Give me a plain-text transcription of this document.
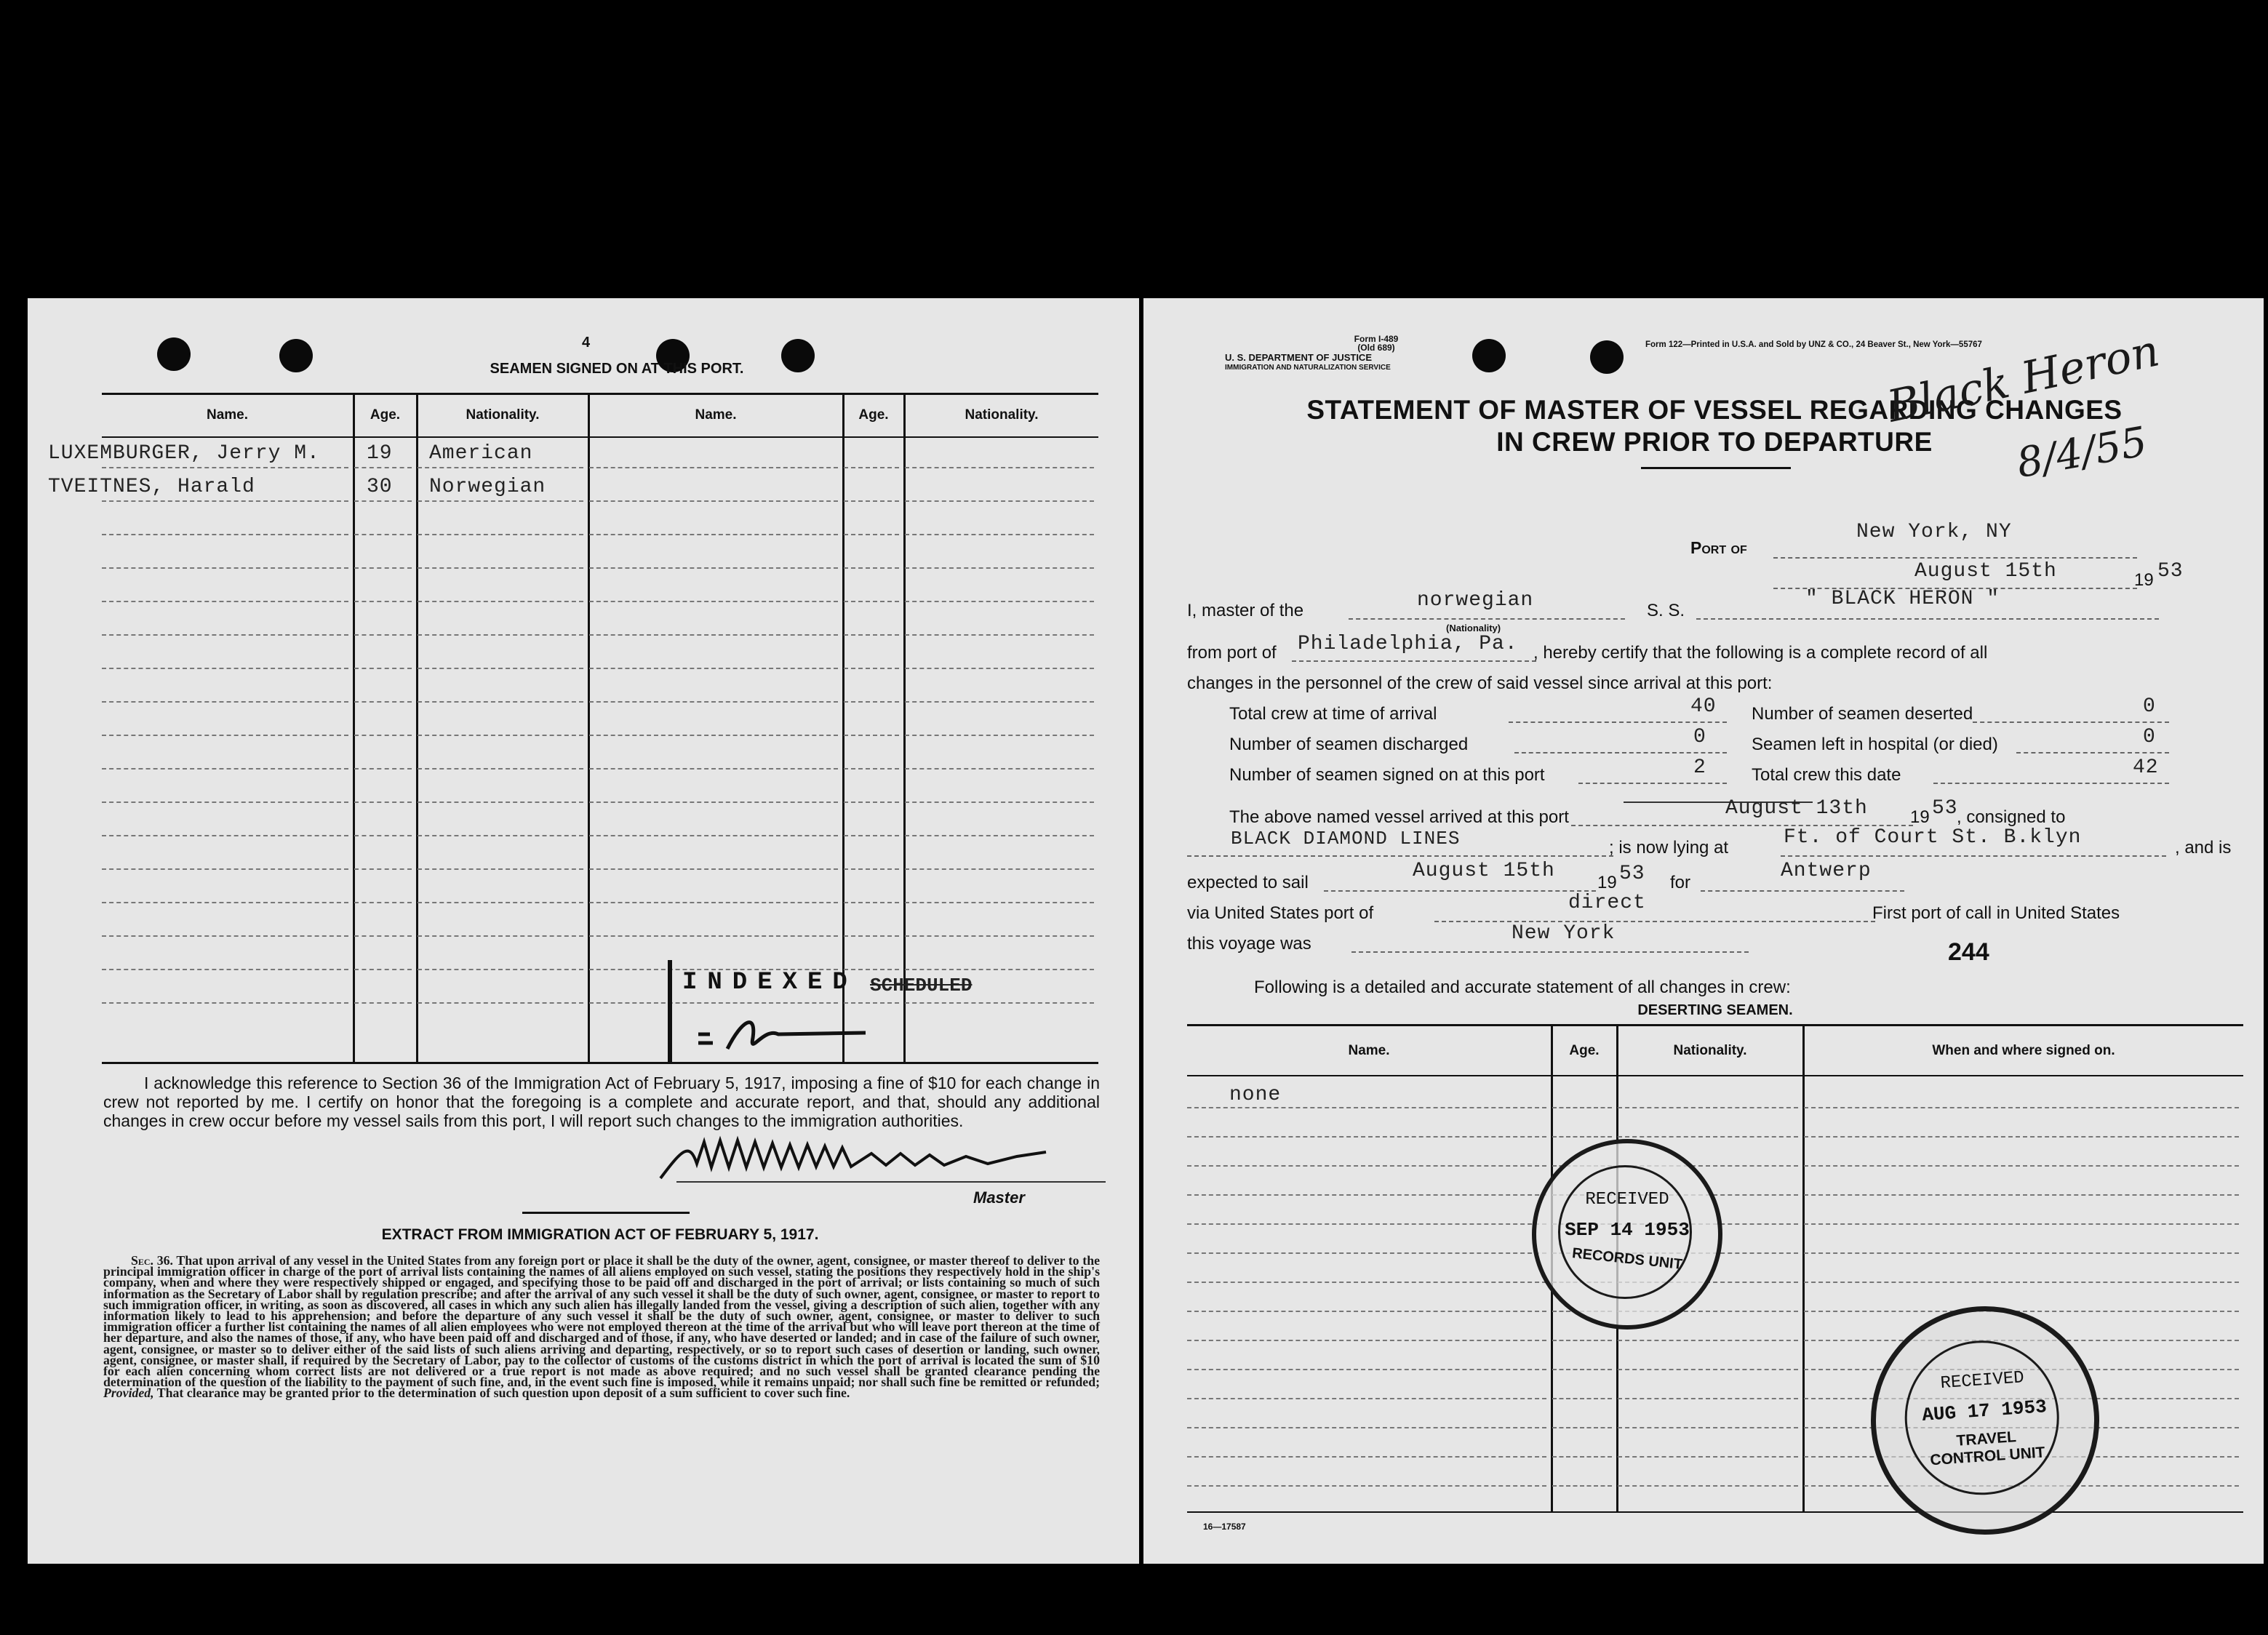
4
SEAMEN SIGNED ON AT THIS PORT.
Name.	Age.	Nationality.	Name.	Age.	Nationality.
LUXEMBURGER, Jerry M. 19 American
TVEITNES, Harald	30 Norwegian
INDEXED SCHEDULED
I acknowledge this reference to Section 36 of the Immigration Act of February 5, 1917, imposing a fine of $10 for each change in crew not reported by me. I certify on honor that the foregoing is a complete and accurate report, and that, should any additional changes in crew occur before my vessel sails from this port, I will report such changes to the immigration authorities.
Master
EXTRACT FROM IMMIGRATION ACT OF FEBRUARY 5, 1917.
Sec. 36. That upon arrival of any vessel in the United States from any foreign port or place it shall be the duty of the owner, agent, consignee, or master thereof to deliver to the principal immigration officer in charge of the port of arrival lists containing the names of all aliens employed on such vessel, stating the positions they respectively hold in the ship's company, when and where they were respectively shipped or engaged, and specifying those to be paid off and discharged in the port of arrival; or lists containing so much of such information as the Secretary of Labor shall by regulation prescribe; and after the arrival of any such vessel it shall be the duty of such owner, agent, consignee, or master to report to such immigration officer, in writing, as soon as discovered, all cases in which any such alien has illegally landed from the vessel, giving a description of such alien, together with any information likely to lead to his apprehension; and before the departure of any such vessel it shall be the duty of such owner, agent, consignee, or master to deliver to such immigration officer a further list containing the names of all alien employees who were not employed thereon at the time of the arrival but who will leave port thereon at the time of her departure, and also the names of those, if any, who have been paid off and discharged and of those, if any, who have deserted or landed; and in case of the failure of such owner, agent, consignee, or master so to deliver either of the said lists of such aliens arriving and departing, respectively, or so to report such cases of desertion or landing, such owner, agent, consignee, or master shall, if required by the Secretary of Labor, pay to the collector of customs of the customs district in which the port of arrival is located the sum of $10 for each alien concerning whom correct lists are not delivered or a true report is not made as above required; and no such vessel shall be granted clearance pending the determination of the question of the liability to the payment of such fine, and, in the event such fine is imposed, while it remains unpaid; nor shall such fine be remitted or refunded; Provided, That clearance may be granted prior to the determination of such question upon deposit of a sum sufficient to cover such fine.
Form I-489
(Old 689)
U. S. DEPARTMENT OF JUSTICE
IMMIGRATION AND NATURALIZATION SERVICE
Form 122—Printed in U.S.A. and Sold by UNZ & CO., 24 Beaver St., New York—55767
STATEMENT OF MASTER OF VESSEL REGARDING CHANGES
IN CREW PRIOR TO DEPARTURE
Black Heron
8/4/55
Port of
New York, NY
August 15th	19 53
I, master of the	norwegian
(Nationality)
S. S.
" BLACK HERON "
from port of Philadelphia, Pa. , hereby certify that the following is a complete record of all
changes in the personnel of the crew of said vessel since arrival at this port:
Total crew at time of arrival	40 Number of seamen deserted	0
Number of seamen discharged	0	Seamen left in hospital (or died)	0
Number of seamen signed on at this port	2	Total crew this date	42
The above named vessel arrived at this port	August 13th 19 53
, consigned to
BLACK DIAMOND LINES	; is now lying at	Ft. of Court St. B.klyn	, and is
expected to sail
August 15th
19 53 for
Antwerp
via United States port of	direct	First port of call in United States
this voyage was	New York
244
Following is a detailed and accurate statement of all changes in crew:
DESERTING SEAMEN.
Name.	Age.	Nationality.	When and where signed on.
none
16—17587
RECEIVED
SEP 14 1953
RECORDS UNIT
RECEIVED
AUG 17 1953
TRAVEL CONTROL UNIT
